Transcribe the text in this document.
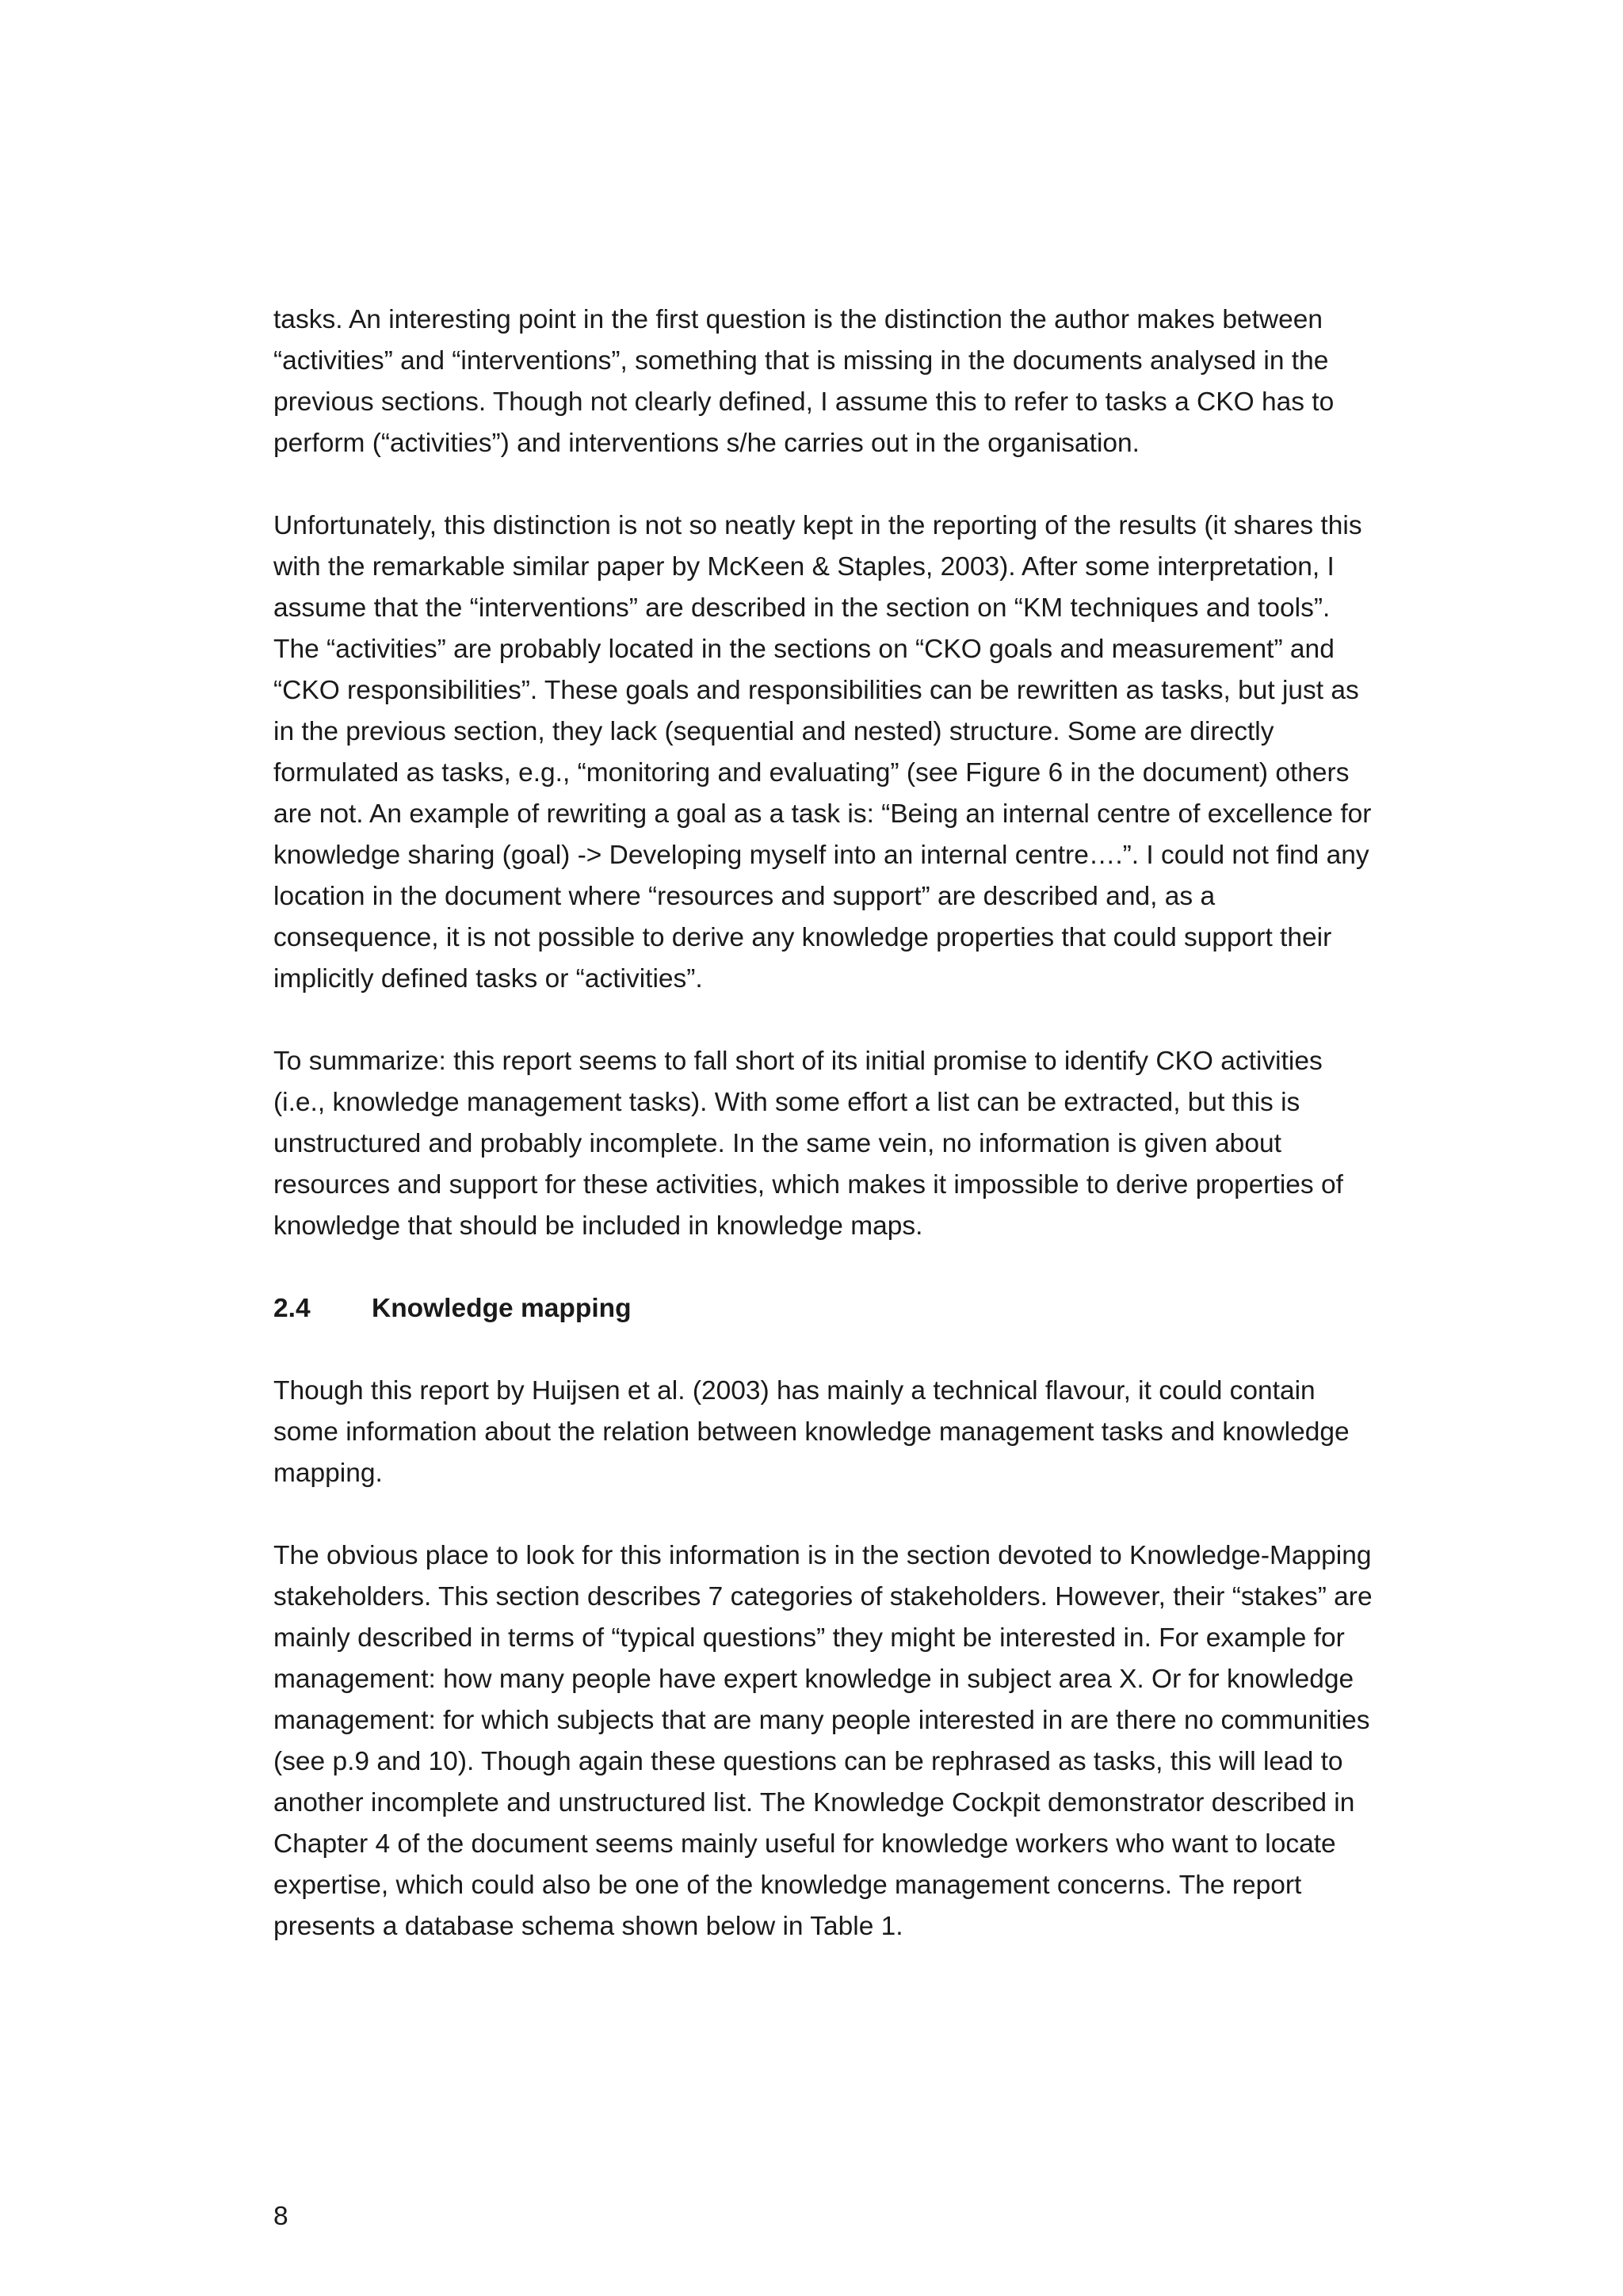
tasks. An interesting point in the first question is the distinction the author makes between
“activities” and “interventions”, something that is missing in the documents analysed in the
previous sections. Though not clearly defined, I assume this to refer to tasks a CKO has to
perform (“activities”) and interventions s/he carries out in the organisation.

Unfortunately, this distinction is not so neatly kept in the reporting of the results (it shares this
with the remarkable similar paper by McKeen & Staples, 2003). After some interpretation, I
assume that the “interventions” are described in the section on “KM techniques and tools”.
The “activities” are probably located in the sections on “CKO goals and measurement” and
“CKO responsibilities”. These goals and responsibilities can be rewritten as tasks, but just as
in the previous section, they lack (sequential and nested) structure. Some are directly
formulated as tasks, e.g., “monitoring and evaluating” (see Figure 6 in the document) others
are not. An example of rewriting a goal as a task is: “Being an internal centre of excellence for
knowledge sharing (goal) -> Developing myself into an internal centre….”. I could not find any
location in the document where “resources and support” are described and, as a
consequence, it is not possible to derive any knowledge properties that could support their
implicitly defined tasks or “activities”.

To summarize: this report seems to fall short of its initial promise to identify CKO activities
(i.e., knowledge management tasks). With some effort a list can be extracted, but this is
unstructured and probably incomplete. In the same vein, no information is given about
resources and support for these activities, which makes it impossible to derive properties of
knowledge that should be included in knowledge maps.

2.4 Knowledge mapping

Though this report by Huijsen et al. (2003) has mainly a technical flavour, it could contain
some information about the relation between knowledge management tasks and knowledge
mapping.

The obvious place to look for this information is in the section devoted to Knowledge-Mapping
stakeholders. This section describes 7 categories of stakeholders. However, their “stakes” are
mainly described in terms of “typical questions” they might be interested in. For example for
management: how many people have expert knowledge in subject area X. Or for knowledge
management: for which subjects that are many people interested in are there no communities
(see p.9 and 10). Though again these questions can be rephrased as tasks, this will lead to
another incomplete and unstructured list. The Knowledge Cockpit demonstrator described in
Chapter 4 of the document seems mainly useful for knowledge workers who want to locate
expertise, which could also be one of the knowledge management concerns. The report
presents a database schema shown below in Table 1.

8
